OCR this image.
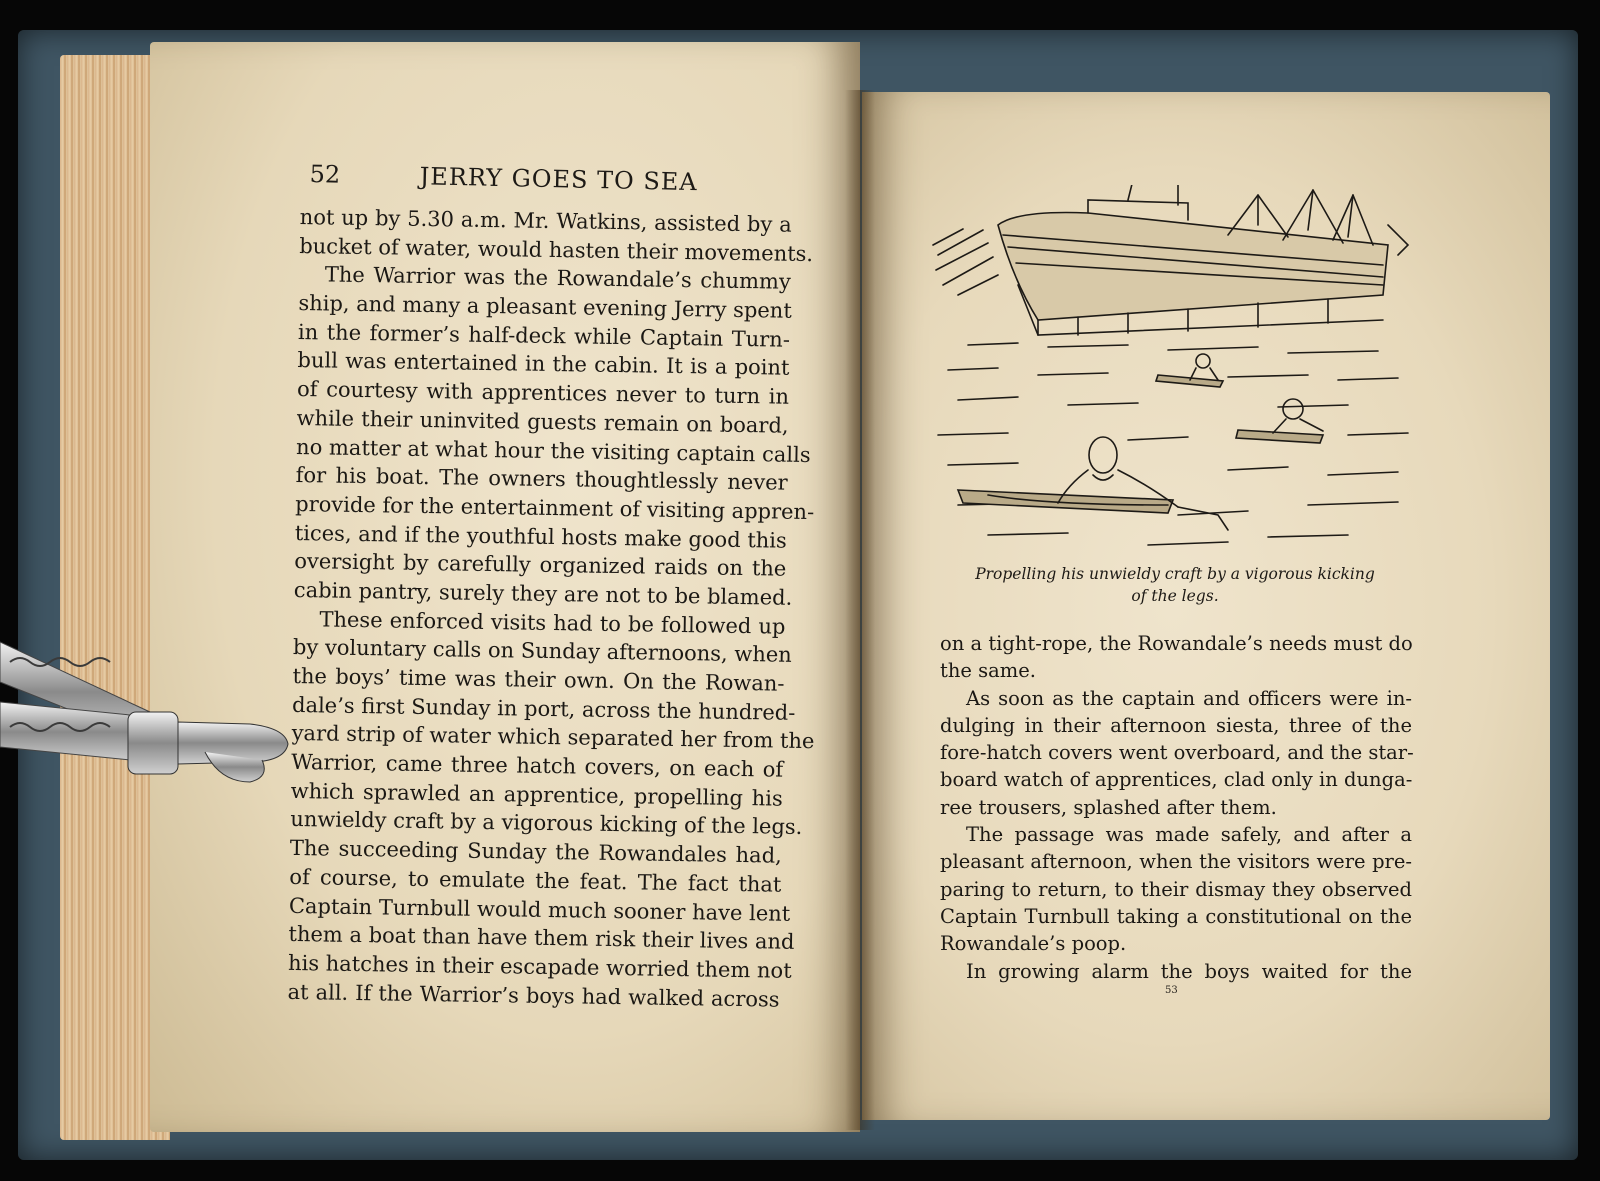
52	JERRY GOES TO SEA
not up by 5.30 a.m. Mr. Watkins, assisted by a
bucket of water, would hasten their movements.
The Warrior was the Rowandale’s chummy
ship, and many a pleasant evening Jerry spent
in the former’s half-deck while Captain Turn-
bull was entertained in the cabin. It is a point
of courtesy with apprentices never to turn in
while their uninvited guests remain on board,
no matter at what hour the visiting captain calls
for his boat. The owners thoughtlessly never
provide for the entertainment of visiting appren-
tices, and if the youthful hosts make good this
oversight by carefully organized raids on the
cabin pantry, surely they are not to be blamed.
These enforced visits had to be followed up
by voluntary calls on Sunday afternoons, when
the boys’ time was their own. On the Rowan-
dale’s first Sunday in port, across the hundred-
yard strip of water which separated her from the
Warrior, came three hatch covers, on each of
which sprawled an apprentice, propelling his
unwieldy craft by a vigorous kicking of the legs.
The succeeding Sunday the Rowandales had,
of course, to emulate the feat. The fact that
Captain Turnbull would much sooner have lent
them a boat than have them risk their lives and
his hatches in their escapade worried them not
at all. If the Warrior’s boys had walked across
Propelling his unwieldy craft by a vigorous kicking
of the legs.
on a tight-rope, the Rowandale’s needs must do
the same.
As soon as the captain and officers were in-
dulging in their afternoon siesta, three of the
fore-hatch covers went overboard, and the star-
board watch of apprentices, clad only in dunga-
ree trousers, splashed after them.
The passage was made safely, and after a
pleasant afternoon, when the visitors were pre-
paring to return, to their dismay they observed
Captain Turnbull taking a constitutional on the
Rowandale’s poop.
In growing alarm the boys waited for the
53
